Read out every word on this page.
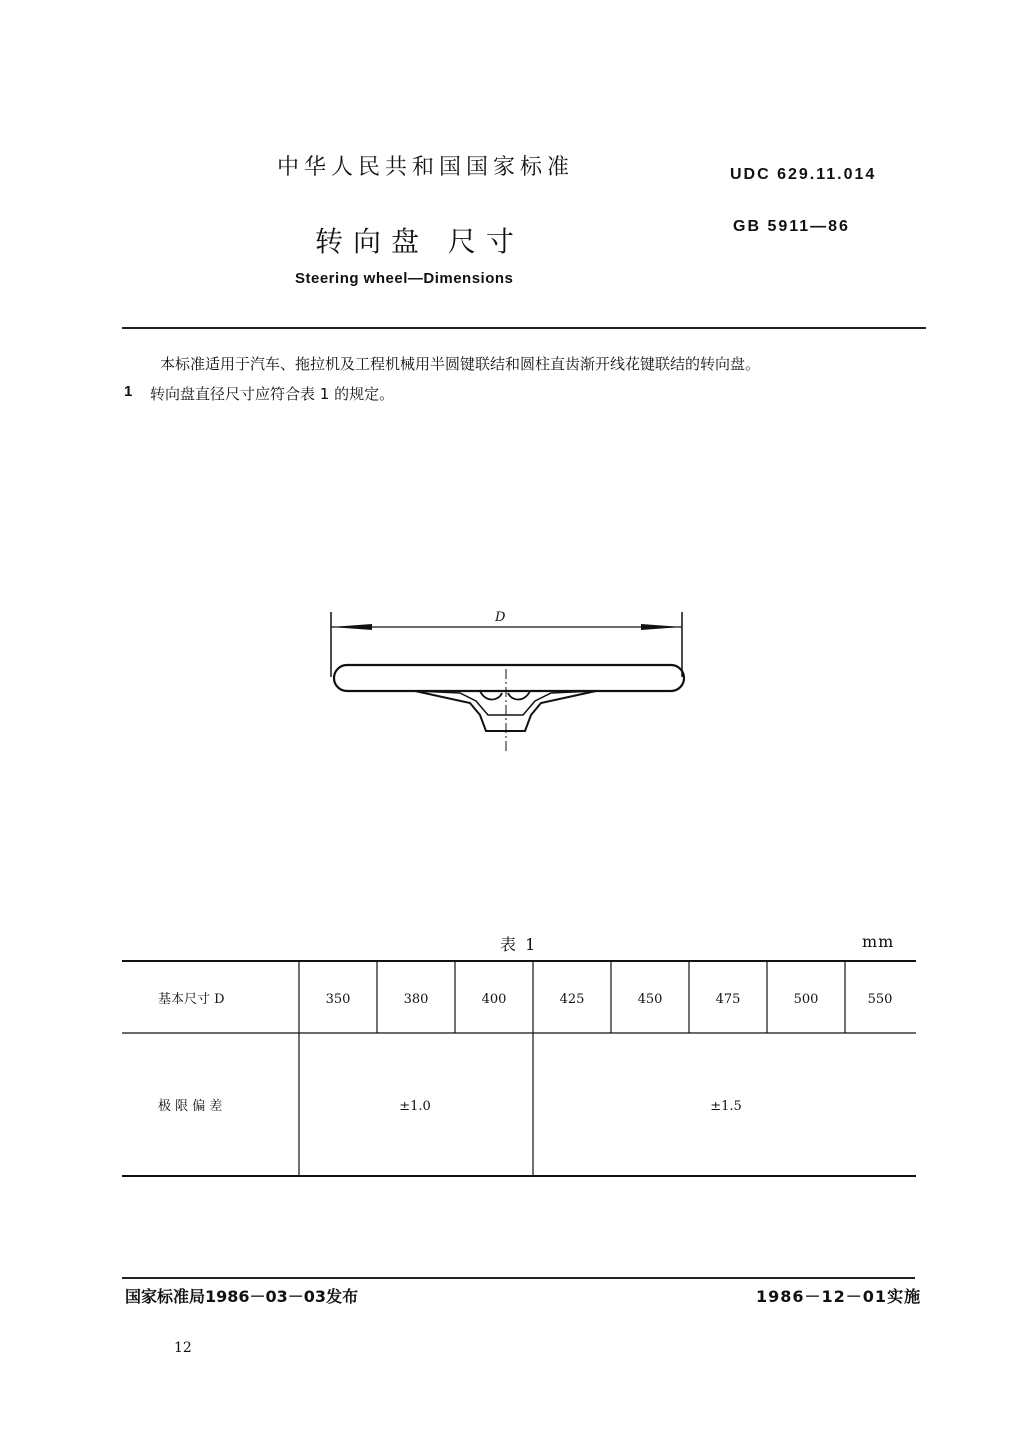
中华人民共和国国家标准	UDC 629.11.014
转向盘 尺寸	GB 5911—86
Steering wheel—Dimensions
本标准适用于汽车、拖拉机及工程机械用半圆键联结和圆柱直齿渐开线花键联结的转向盘。
1 转向盘直径尺寸应符合表 1 的规定。
D
表 1	mm
基本尺寸 D	350	380	400	425	450	475	500	550
极 限 偏 差	±1.0	±1.5
国家标准局1986－03－03发布	1986－12－01实施
12
